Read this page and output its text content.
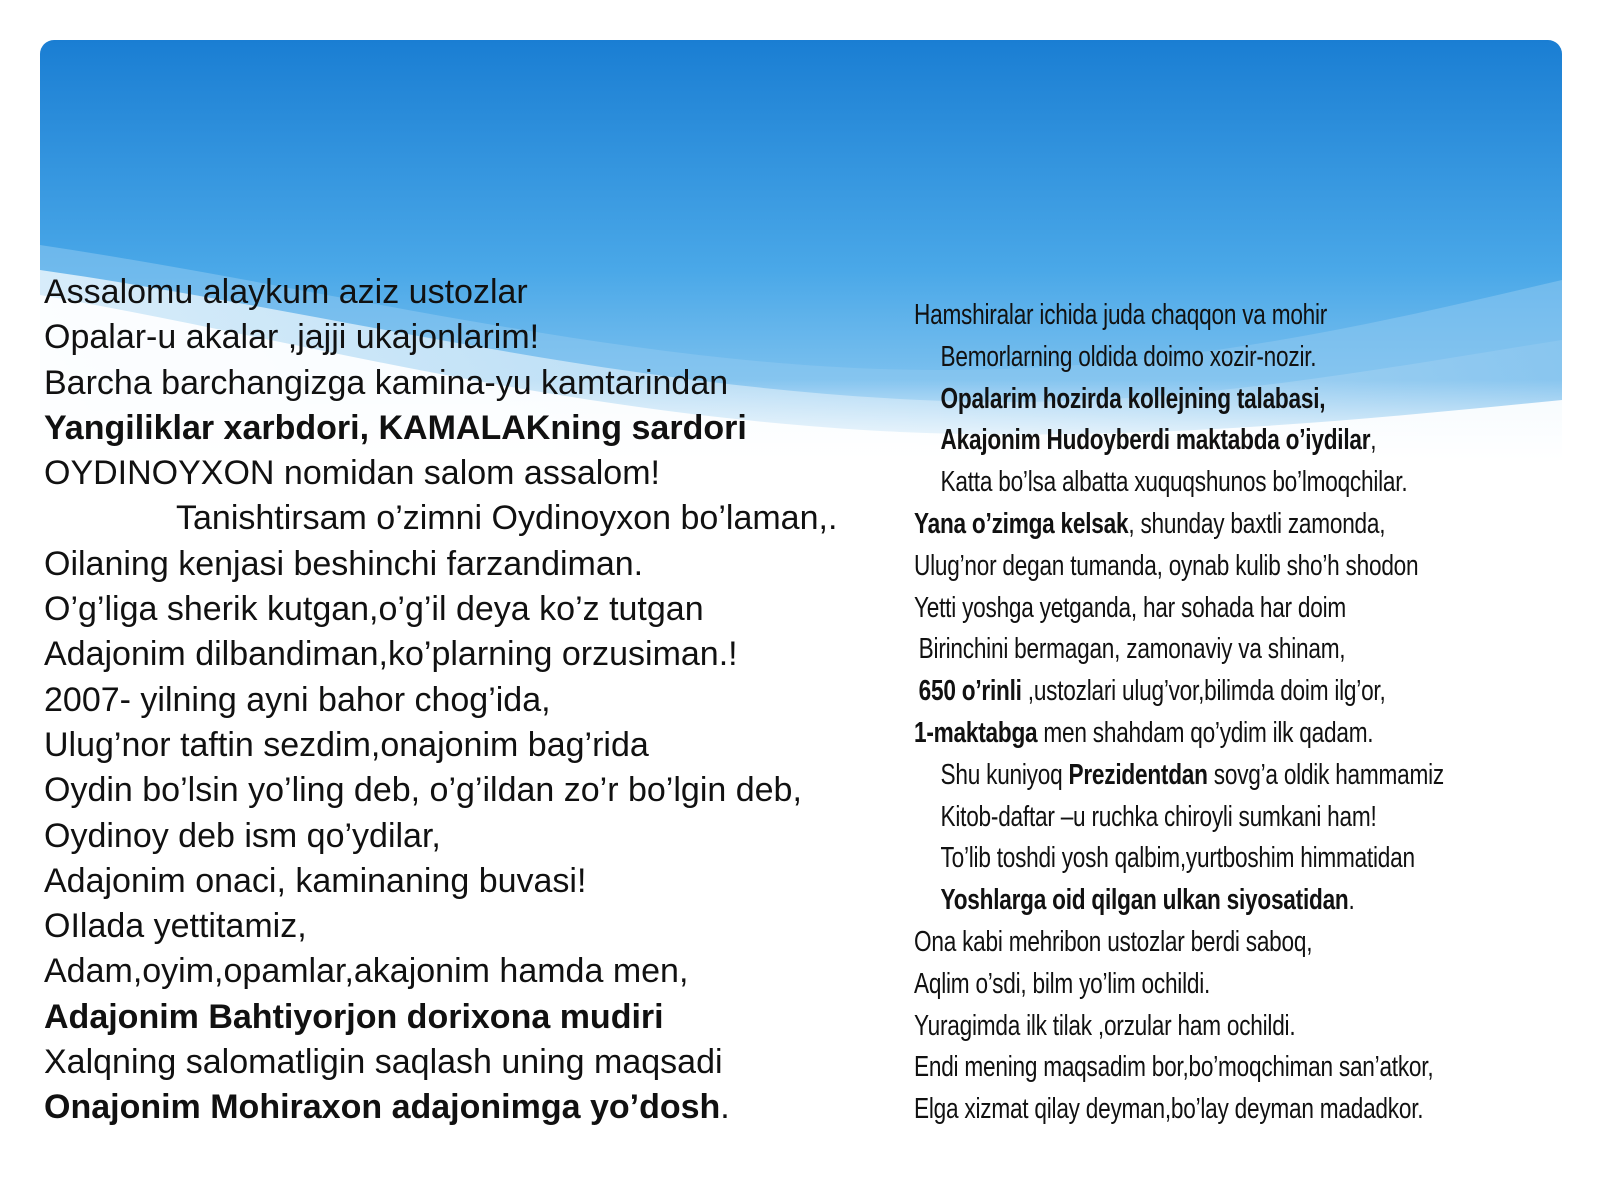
Assalomu alaykum aziz ustozlar
Opalar-u akalar ,jajji ukajonlarim!
Barcha barchangizga kamina-yu kamtarindan
Yangiliklar xarbdori, KAMALAKning sardori
OYDINOYXON nomidan salom assalom!
Tanishtirsam o’zimni Oydinoyxon bo’laman,.
Oilaning kenjasi beshinchi farzandiman.
O’g’liga sherik kutgan,o’g’il deya ko’z tutgan
Adajonim dilbandiman,ko’plarning orzusiman.!
2007- yilning ayni bahor chog’ida,
Ulug’nor taftin sezdim,onajonim bag’rida
Oydin bo’lsin yo’ling deb, o’g’ildan zo’r bo’lgin deb,
Oydinoy deb ism qo’ydilar,
Adajonim onaci, kaminaning buvasi!
OIlada yettitamiz,
Adam,oyim,opamlar,akajonim hamda men,
Adajonim Bahtiyorjon dorixona mudiri
Xalqning salomatligin saqlash uning maqsadi
Onajonim Mohiraxon adajonimga yo’dosh.
Hamshiralar ichida juda chaqqon va mohir
Bemorlarning oldida doimo xozir-nozir.
Opalarim hozirda kollejning talabasi,
Akajonim Hudoyberdi maktabda o’iydilar,
Katta bo’lsa albatta xuquqshunos bo’lmoqchilar.
Yana o’zimga kelsak, shunday baxtli zamonda,
Ulug’nor degan tumanda, oynab kulib sho’h shodon
Yetti yoshga yetganda, har sohada har doim
Birinchini bermagan, zamonaviy va shinam,
650 o’rinli ,ustozlari ulug’vor,bilimda doim ilg’or,
1-maktabga men shahdam qo’ydim ilk qadam.
Shu kuniyoq Prezidentdan sovg’a oldik hammamiz
Kitob-daftar –u ruchka chiroyli sumkani ham!
To’lib toshdi yosh qalbim,yurtboshim himmatidan
Yoshlarga oid qilgan ulkan siyosatidan.
Ona kabi mehribon ustozlar berdi saboq,
Aqlim o’sdi, bilm yo’lim ochildi.
Yuragimda ilk tilak ,orzular ham ochildi.
Endi mening maqsadim bor,bo’moqchiman san’atkor,
Elga xizmat qilay deyman,bo’lay deyman madadkor.
